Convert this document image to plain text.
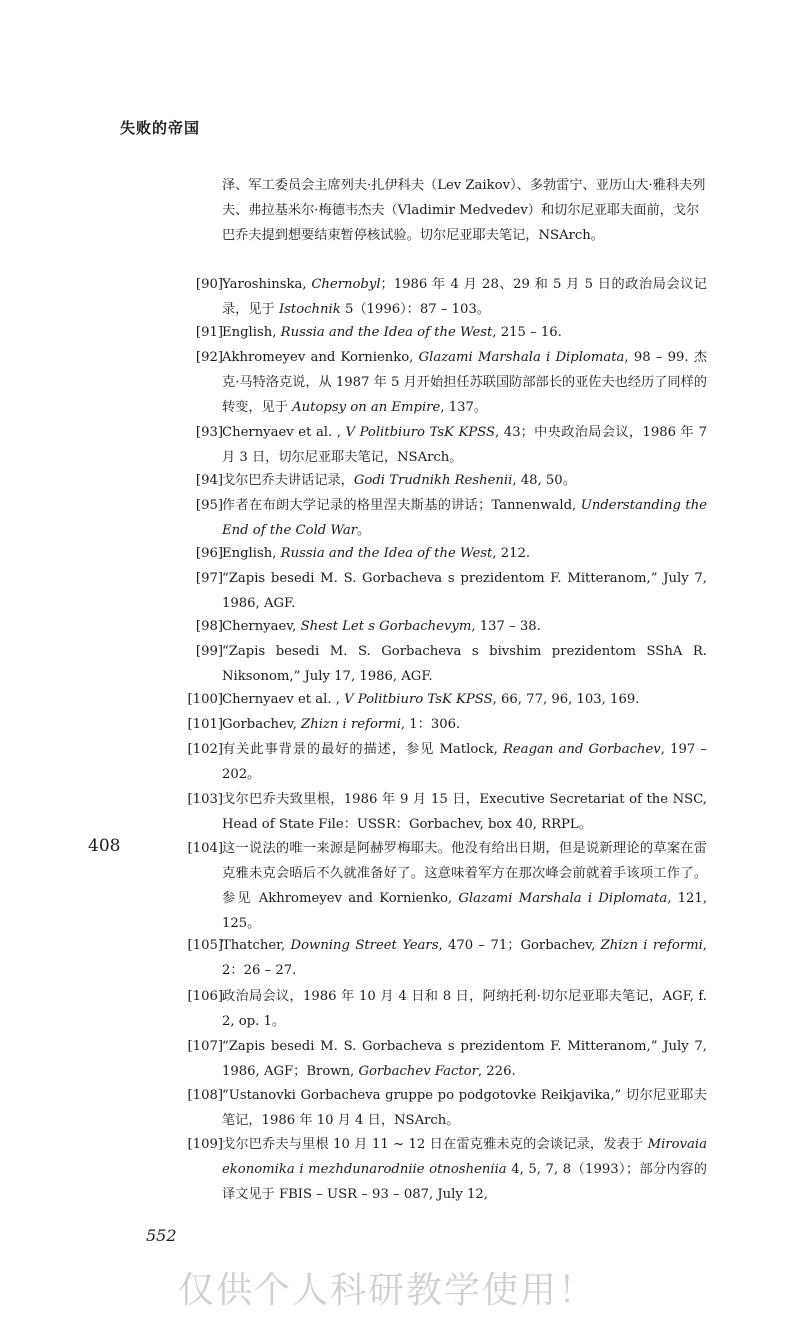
失败的帝国
泽、军工委员会主席列夫·扎伊科夫（Lev Zaikov）、多勃雷宁、亚历山大·雅科夫列夫、弗拉基米尔·梅德韦杰夫（Vladimir Medvedev）和切尔尼亚耶夫面前，戈尔巴乔夫提到想要结束暂停核试验。切尔尼亚耶夫笔记，NSArch。
[90] Yaroshinska, Chernobyl；1986 年 4 月 28、29 和 5 月 5 日的政治局会议记录，见于 Istochnik 5（1996）：87 – 103。
[91] English, Russia and the Idea of the West, 215 – 16.
[92] Akhromeyev and Kornienko, Glazami Marshala i Diplomata, 98 – 99. 杰克·马特洛克说，从 1987 年 5 月开始担任苏联国防部部长的亚佐夫也经历了同样的转变，见于 Autopsy on an Empire, 137。
[93] Chernyaev et al. , V Politbiuro TsK KPSS, 43；中央政治局会议，1986 年 7 月 3 日，切尔尼亚耶夫笔记，NSArch。
[94] 戈尔巴乔夫讲话记录，Godi Trudnikh Reshenii, 48, 50。
[95] 作者在布朗大学记录的格里涅夫斯基的讲话；Tannenwald, Understanding the End of the Cold War。
[96] English, Russia and the Idea of the West, 212.
[97] “Zapis besedi M. S. Gorbacheva s prezidentom F. Mitteranom,” July 7, 1986, AGF.
[98] Chernyaev, Shest Let s Gorbachevym, 137 – 38.
[99] “Zapis besedi M. S. Gorbacheva s bivshim prezidentom SShA R. Niksonom,” July 17, 1986, AGF.
[100] Chernyaev et al. , V Politbiuro TsK KPSS, 66, 77, 96, 103, 169.
[101] Gorbachev, Zhizn i reformi, 1：306.
[102] 有关此事背景的最好的描述，参见 Matlock, Reagan and Gorbachev, 197 – 202。
[103] 戈尔巴乔夫致里根，1986 年 9 月 15 日，Executive Secretariat of the NSC, Head of State File：USSR：Gorbachev, box 40, RRPL。
[104] 这一说法的唯一来源是阿赫罗梅耶夫。他没有给出日期，但是说新理论的草案在雷克雅未克会晤后不久就准备好了。这意味着军方在那次峰会前就着手该项工作了。参见 Akhromeyev and Kornienko, Glazami Marshala i Diplomata, 121, 125。
[105] Thatcher, Downing Street Years, 470 – 71；Gorbachev, Zhizn i reformi, 2：26 – 27.
[106] 政治局会议，1986 年 10 月 4 日和 8 日，阿纳托利·切尔尼亚耶夫笔记，AGF, f. 2, op. 1。
[107] “Zapis besedi M. S. Gorbacheva s prezidentom F. Mitteranom,” July 7, 1986, AGF；Brown, Gorbachev Factor, 226.
[108] “Ustanovki Gorbacheva gruppe po podgotovke Reikjavika,” 切尔尼亚耶夫笔记，1986 年 10 月 4 日，NSArch。
[109] 戈尔巴乔夫与里根 10 月 11 ~ 12 日在雷克雅未克的会谈记录，发表于 Mirovaia ekonomika i mezhdunarodniie otnosheniia 4, 5, 7, 8（1993）；部分内容的译文见于 FBIS – USR – 93 – 087, July 12,
408
552
仅供个人科研教学使用！
